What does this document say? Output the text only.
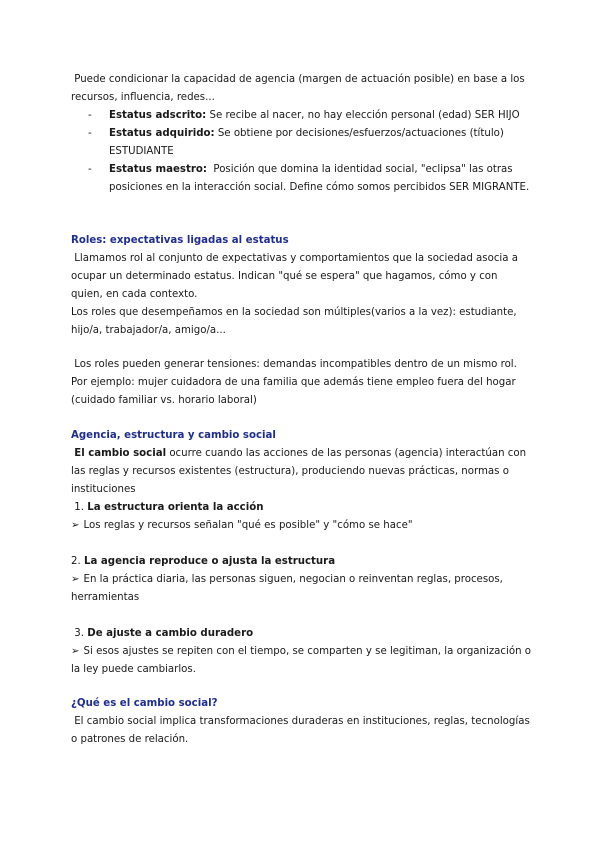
Puede condicionar la capacidad de agencia (margen de actuación posible) en base a los recursos, influencia, redes...

- Estatus adscrito: Se recibe al nacer, no hay elección personal (edad) SER HIJO
- Estatus adquirido: Se obtiene por decisiones/esfuerzos/actuaciones (título) ESTUDIANTE
- Estatus maestro: Posición que domina la identidad social, "eclipsa" las otras posiciones en la interacción social. Define cómo somos percibidos SER MIGRANTE.
Roles: expectativas ligadas al estatus

Llamamos rol al conjunto de expectativas y comportamientos que la sociedad asocia a ocupar un determinado estatus. Indican "qué se espera" que hagamos, cómo y con quien, en cada contexto.

Los roles que desempeñamos en la sociedad son múltiples(varios a la vez): estudiante, hijo/a, trabajador/a, amigo/a...

Los roles pueden generar tensiones: demandas incompatibles dentro de un mismo rol. Por ejemplo: mujer cuidadora de una familia que además tiene empleo fuera del hogar (cuidado familiar vs. horario laboral)

Agencia, estructura y cambio social

El cambio social ocurre cuando las acciones de las personas (agencia) interactúan con las reglas y recursos existentes (estructura), produciendo nuevas prácticas, normas o instituciones

1. La estructura orienta la acción
➢ Los reglas y recursos señalan "qué es posible" y "cómo se hace"
2. La agencia reproduce o ajusta la estructura
➢ En la práctica diaria, las personas siguen, negocian o reinventan reglas, procesos, herramientas
3. De ajuste a cambio duradero
➢ Si esos ajustes se repiten con el tiempo, se comparten y se legitiman, la organización o la ley puede cambiarlos.
¿Qué es el cambio social?

El cambio social implica transformaciones duraderas en instituciones, reglas, tecnologías o patrones de relación.
